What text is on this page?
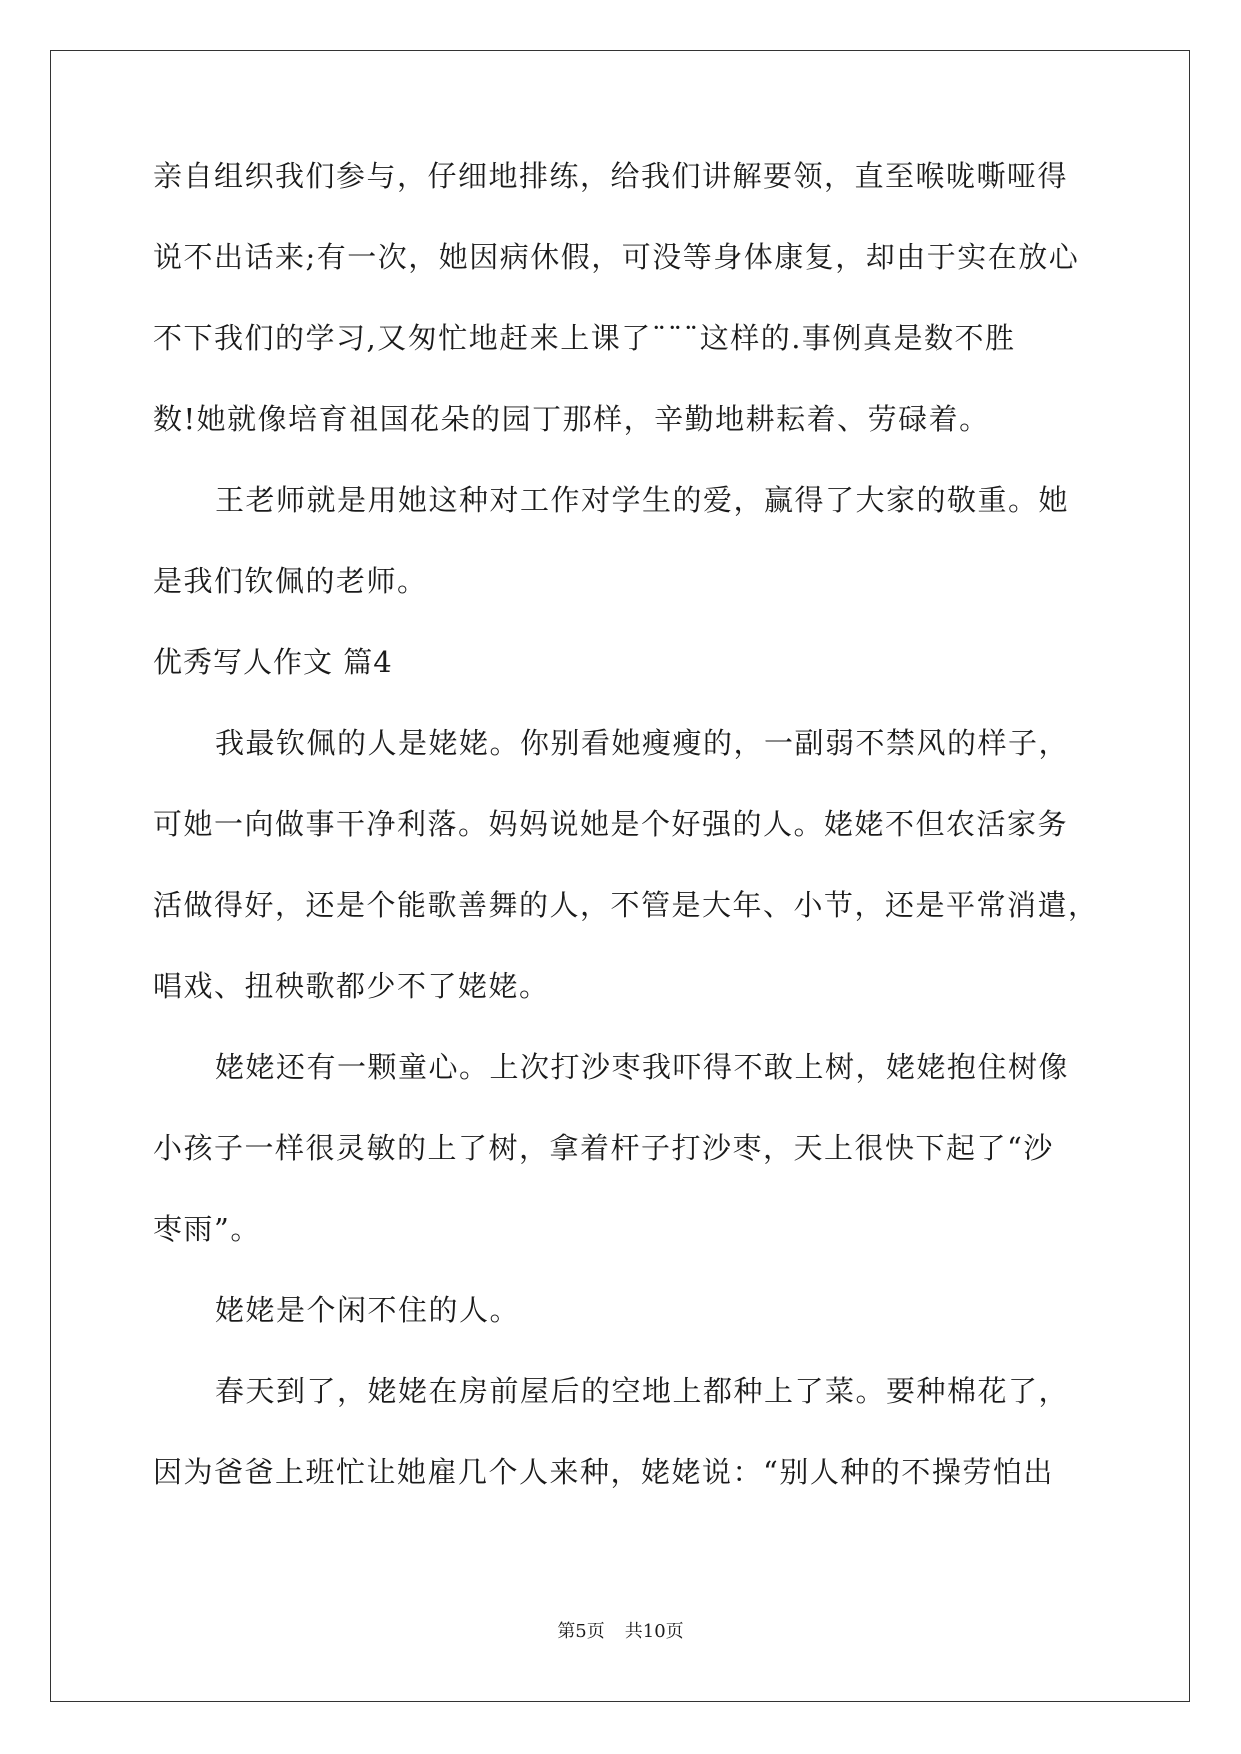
亲自组织我们参与，仔细地排练，给我们讲解要领，直至喉咙嘶哑得
说不出话来;有一次，她因病休假，可没等身体康复，却由于实在放心
不下我们的学习,又匆忙地赶来上课了¨¨¨这样的.事例真是数不胜
数!她就像培育祖国花朵的园丁那样，辛勤地耕耘着、劳碌着。
王老师就是用她这种对工作对学生的爱，赢得了大家的敬重。她
是我们钦佩的老师。
优秀写人作文 篇4
我最钦佩的人是姥姥。你别看她瘦瘦的，一副弱不禁风的样子，
可她一向做事干净利落。妈妈说她是个好强的人。姥姥不但农活家务
活做得好，还是个能歌善舞的人，不管是大年、小节，还是平常消遣，
唱戏、扭秧歌都少不了姥姥。
姥姥还有一颗童心。上次打沙枣我吓得不敢上树，姥姥抱住树像
小孩子一样很灵敏的上了树，拿着杆子打沙枣，天上很快下起了“沙
枣雨”。
姥姥是个闲不住的人。
春天到了，姥姥在房前屋后的空地上都种上了菜。要种棉花了，
因为爸爸上班忙让她雇几个人来种，姥姥说：“别人种的不操劳怕出
第5页 共10页
